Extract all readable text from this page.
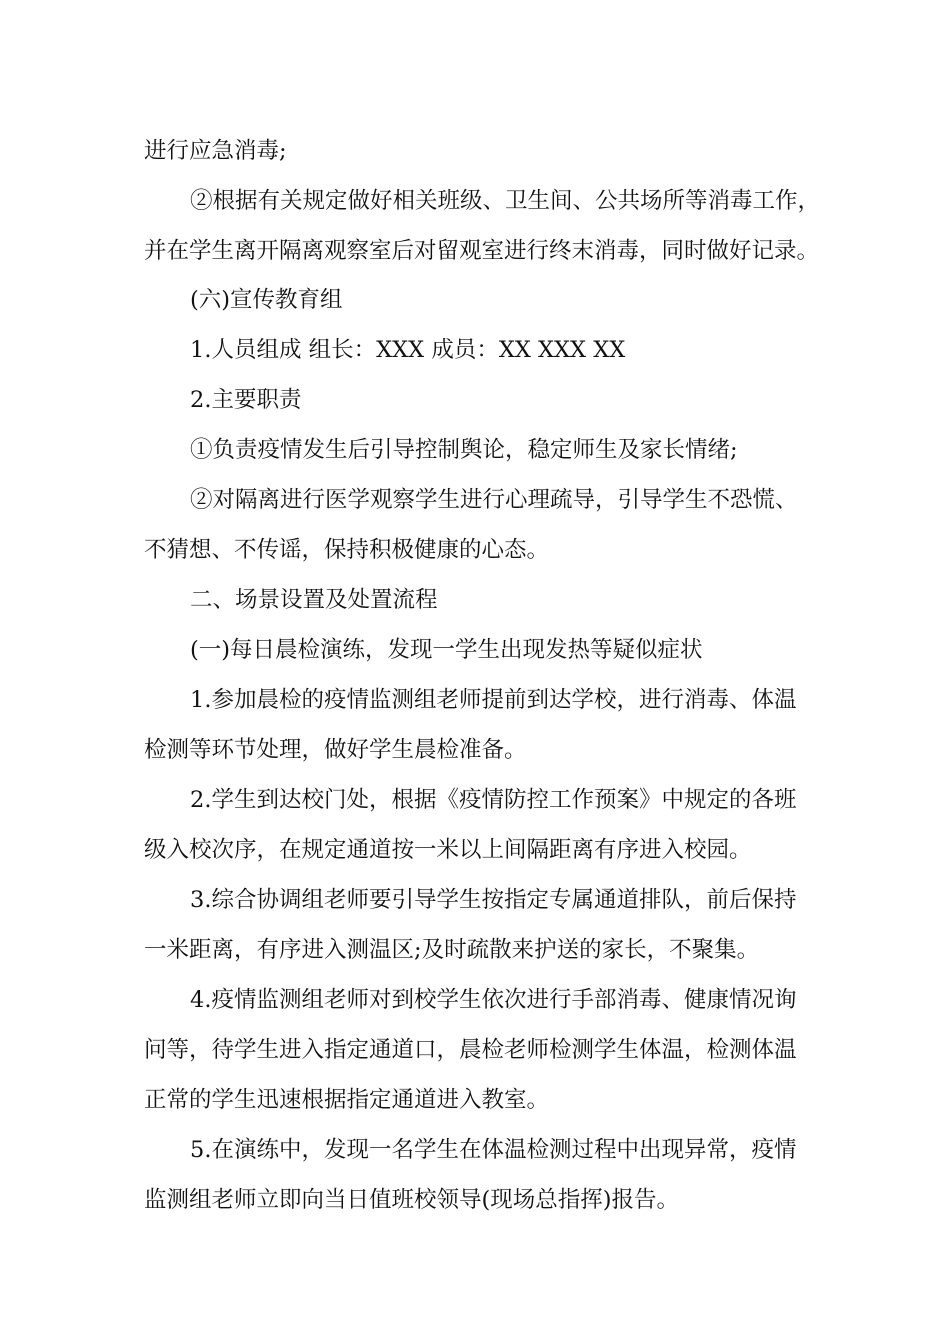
进行应急消毒;
②根据有关规定做好相关班级、卫生间、公共场所等消毒工作，
并在学生离开隔离观察室后对留观室进行终末消毒，同时做好记录。
(六)宣传教育组
1.人员组成 组长：XXX 成员：XX XXX XX
2.主要职责
①负责疫情发生后引导控制舆论，稳定师生及家长情绪;
②对隔离进行医学观察学生进行心理疏导，引导学生不恐慌、
不猜想、不传谣，保持积极健康的心态。
二、场景设置及处置流程
(一)每日晨检演练，发现一学生出现发热等疑似症状
1.参加晨检的疫情监测组老师提前到达学校，进行消毒、体温
检测等环节处理，做好学生晨检准备。
2.学生到达校门处，根据《疫情防控工作预案》中规定的各班
级入校次序，在规定通道按一米以上间隔距离有序进入校园。
3.综合协调组老师要引导学生按指定专属通道排队，前后保持
一米距离，有序进入测温区;及时疏散来护送的家长，不聚集。
4.疫情监测组老师对到校学生依次进行手部消毒、健康情况询
问等，待学生进入指定通道口，晨检老师检测学生体温，检测体温
正常的学生迅速根据指定通道进入教室。
5.在演练中，发现一名学生在体温检测过程中出现异常，疫情
监测组老师立即向当日值班校领导(现场总指挥)报告。
